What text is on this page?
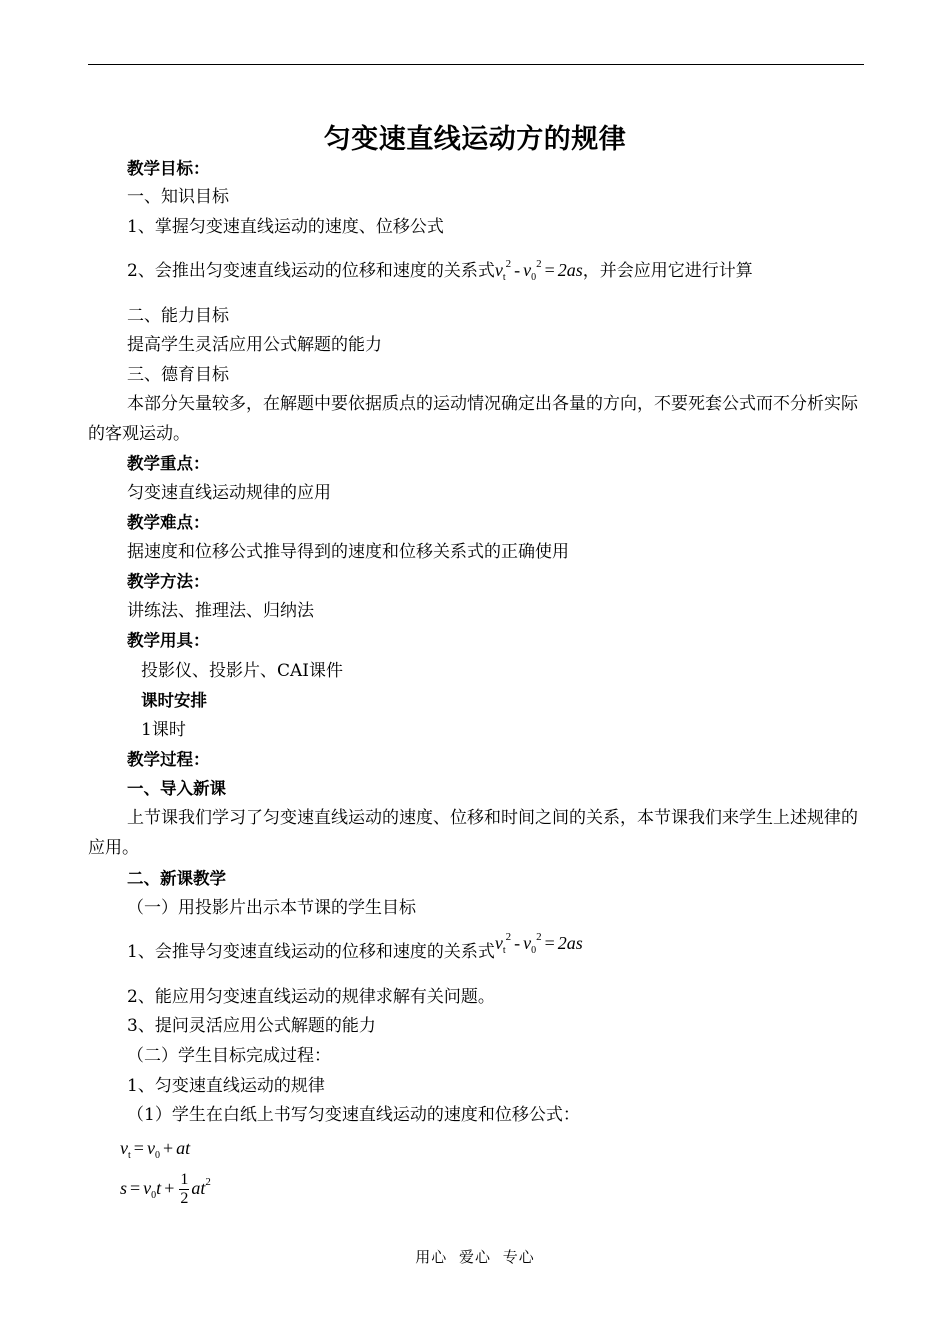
匀变速直线运动方的规律
教学目标：
一、知识目标
1、掌握匀变速直线运动的速度、位移公式
2、会推出匀变速直线运动的位移和速度的关系式$v_t^2 - v_0^2 = 2as$，并会应用它进行计算
二、能力目标
提高学生灵活应用公式解题的能力
三、德育目标
本部分矢量较多，在解题中要依据质点的运动情况确定出各量的方向，不要死套公式而不分析实际的客观运动。
教学重点：
匀变速直线运动规律的应用
教学难点：
据速度和位移公式推导得到的速度和位移关系式的正确使用
教学方法：
讲练法、推理法、归纳法
教学用具：
投影仪、投影片、CAI课件
课时安排
1课时
教学过程：
一、导入新课
上节课我们学习了匀变速直线运动的速度、位移和时间之间的关系，本节课我们来学生上述规律的应用。
二、新课教学
（一）用投影片出示本节课的学生目标
1、会推导匀变速直线运动的位移和速度的关系式$v_t^2 - v_0^2 = 2as$
2、能应用匀变速直线运动的规律求解有关问题。
3、提问灵活应用公式解题的能力
（二）学生目标完成过程：
1、匀变速直线运动的规律
（1）学生在白纸上书写匀变速直线运动的速度和位移公式：
$v_t = v_0$ + at
$s = v_0t + \frac{1}{2} at^2$
用心 爱心 专心
